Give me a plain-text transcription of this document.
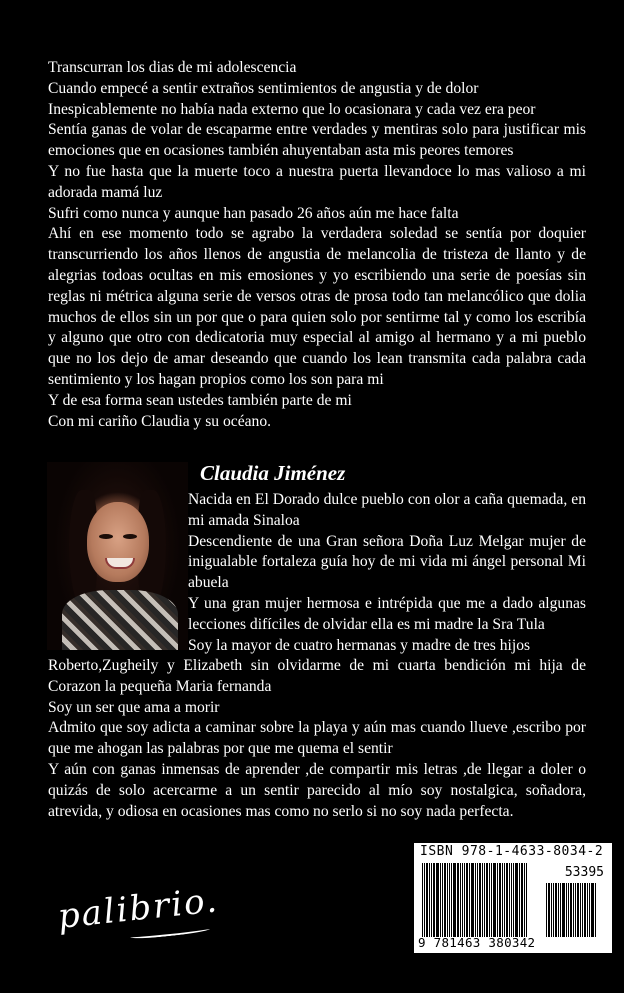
Transcurran los dias de mi adolescencia

Cuando empecé a sentir extraños sentimientos de angustia y de dolor

Inespicablemente no había nada externo que lo ocasionara y cada vez era peor

Sentía ganas de volar de escaparme entre verdades y mentiras solo para justificar mis emociones que en ocasiones también ahuyentaban asta mis peores temores

Y no fue hasta que la muerte toco a nuestra puerta llevandoce lo mas valioso a mi adorada mamá luz

Sufri como nunca y aunque han pasado 26 años aún me hace falta

Ahí en ese momento todo se agrabo la verdadera soledad se sentía por doquier transcurriendo los años llenos de angustia de melancolia de tristeza de llanto y de alegrias todoas ocultas en mis emosiones y yo escribiendo una serie de poesías sin reglas ni métrica alguna serie de versos otras de prosa todo tan melancólico que dolia muchos de ellos sin un por que o para quien solo por sentirme tal y como los escribía y alguno que otro con dedicatoria muy especial al amigo al hermano y a mi pueblo que no los dejo de amar deseando que cuando los lean transmita cada palabra cada sentimiento y los hagan propios como los son para mi

Y de esa forma sean ustedes también parte de mi

Con mi cariño Claudia y su océano.

Claudia Jiménez

Nacida en El Dorado dulce pueblo con olor a caña quemada, en mi amada Sinaloa

Descendiente de una Gran señora Doña Luz Melgar mujer de inigualable fortaleza guía hoy de mi vida mi ángel personal Mi abuela

Y una gran mujer hermosa e intrépida que me a dado algunas lecciones difíciles de olvidar ella es mi madre la Sra Tula

Soy la mayor de cuatro hermanas y madre de tres hijos

Roberto,Zugheily y Elizabeth sin olvidarme de mi cuarta bendición mi hija de Corazon la pequeña Maria fernanda

Soy un ser que ama a morir

Admito que soy adicta a caminar sobre la playa y aún mas cuando llueve ,escribo por que me ahogan las palabras por que me quema el sentir

Y aún con ganas inmensas de aprender ,de compartir mis letras ,de llegar a doler o quizás de solo acercarme a un sentir parecido al mío soy nostalgica, soñadora, atrevida, y odiosa en ocasiones mas como no serlo si no soy nada perfecta.

palibrio.
ISBN 978-1-4633-8034-2
53395
9 781463 380342
